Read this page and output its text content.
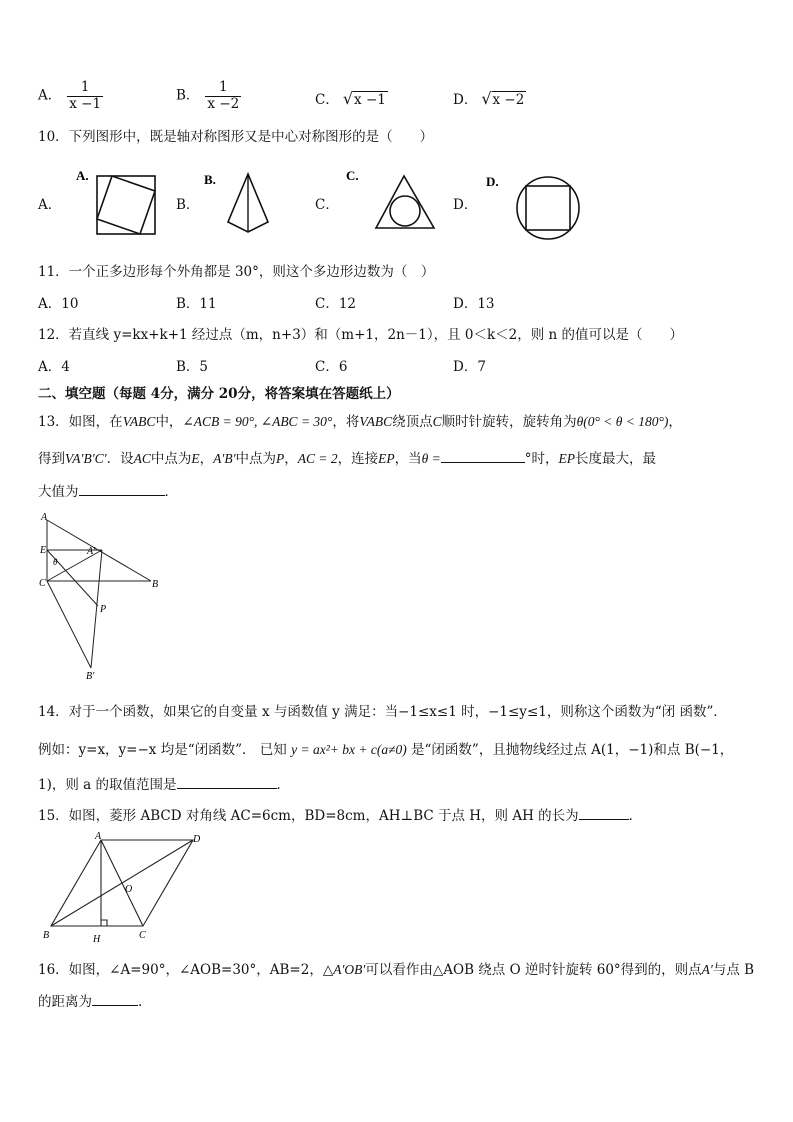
A． $\frac{1}{x -1}$	B． $\frac{1}{x -2}$	C． √x −1	D． √x −2
10．下列图形中，既是轴对称图形又是中心对称图形的是（　　）
A．
A.
B．
B.
C．
C.
D．
D.
11．一个正多边形每个外角都是 30°，则这个多边形边数为（　）
A．10	B．11	C．12	D．13
12．若直线 y=kx+k+1 经过点（m，n+3）和（m+1，2n－1），且 0＜k＜2，则 n 的值可以是（　　）
A．4	B．5	C．6	D．7
二、填空题（每题 4分，满分 20分，将答案填在答题纸上）
13．如图，在VABC中，∠ACB = 90°, ∠ABC = 30°，将VABC绕顶点C顺时针旋转，旋转角为θ(0° < θ < 180°)，
得到VA′B′C′．设AC中点为E，A′B′中点为P，AC = 2，连接EP，当θ =	°时，EP长度最大，最
大值为	．
A
E
θ
A′
C	B
P
B′
14．对于一个函数，如果它的自变量 x 与函数值 y 满足：当−1≤x≤1 时，−1≤y≤1，则称这个函数为“闭 函数”．
例如：y=x，y=−x 均是“闭函数”． 已知 y = ax²+ bx + c(a≠0) 是“闭函数”，且抛物线经过点 A(1，−1)和点 B(−1，
1)，则 a 的取值范围是	．
15．如图，菱形 ABCD 对角线 AC=6cm，BD=8cm，AH⊥BC 于点 H，则 AH 的长为	．
A	D
O
B	H	C
16．如图，∠A=90°，∠AOB=30°，AB=2，△A′OB′可以看作由△AOB 绕点 O 逆时针旋转 60°得到的，则点A′与点 B
的距离为	.
